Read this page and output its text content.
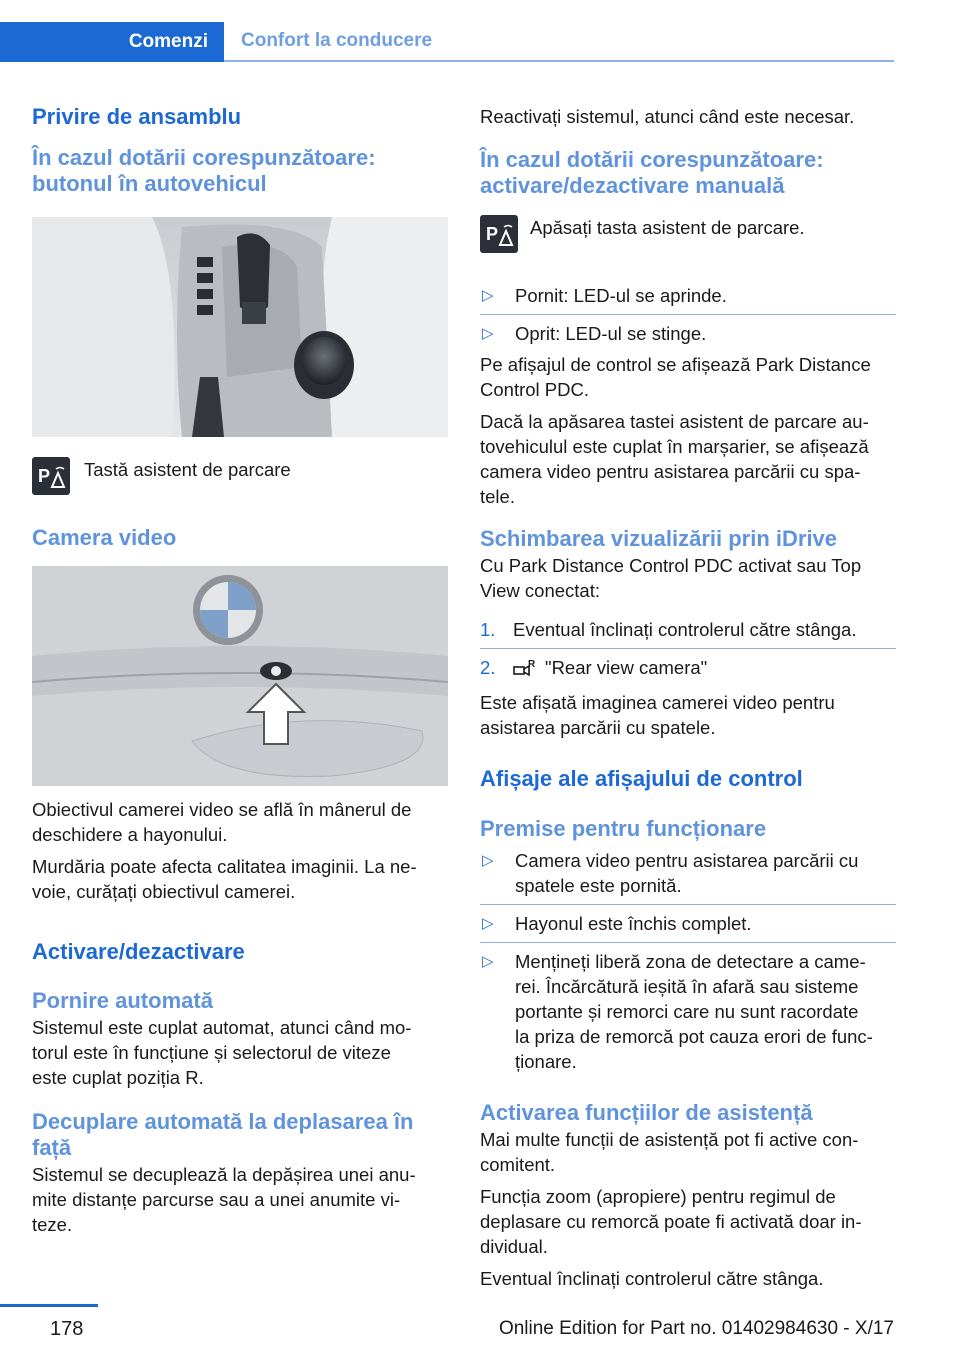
Comenzi Confort la conducere
Privire de ansamblu
În cazul dotării corespunzătoare:
butonul în autovehicul
P	Tastă asistent de parcare
Camera video

Obiectivul camerei video se află în mânerul de
deschidere a hayonului.

Murdăria poate afecta calitatea imaginii. La ne‐
voie, curățați obiectivul camerei.

Activare/dezactivare
Pornire automată

Sistemul este cuplat automat, atunci când mo‐
torul este în funcțiune și selectorul de viteze
este cuplat poziția R.

Decuplare automată la deplasarea în
față

Sistemul se decuplează la depășirea unei anu‐
mite distanțe parcurse sau a unei anumite vi‐
teze.

Reactivați sistemul, atunci când este necesar.

În cazul dotării corespunzătoare:
activare/dezactivare manuală
P	Apăsați tasta asistent de parcare.
▷	Pornit: LED-ul se aprinde.
▷	Oprit: LED-ul se stinge.

Pe afișajul de control se afișează Park Distance
Control PDC.

Dacă la apăsarea tastei asistent de parcare au‐
tovehiculul este cuplat în marșarier, se afișează
camera video pentru asistarea parcării cu spa‐
tele.

Schimbarea vizualizării prin iDrive

Cu Park Distance Control PDC activat sau Top
View conectat:

1. Eventual înclinați controlerul către stânga.
2.	R "Rear view camera"

Este afișată imaginea camerei video pentru
asistarea parcării cu spatele.

Afișaje ale afișajului de control
Premise pentru funcționare
▷	Camera video pentru asistarea parcării cu
spatele este pornită.
▷	Hayonul este închis complet.
▷	Mențineți liberă zona de detectare a came‐
rei. Încărcătură ieșită în afară sau sisteme
portante și remorci care nu sunt racordate
la priza de remorcă pot cauza erori de func‐
ționare.
Activarea funcțiilor de asistență

Mai multe funcții de asistență pot fi active con‐
comitent.

Funcția zoom (apropiere) pentru regimul de
deplasare cu remorcă poate fi activată doar in‐
dividual.

Eventual înclinați controlerul către stânga.

178	Online Edition for Part no. 01402984630 - X/17
